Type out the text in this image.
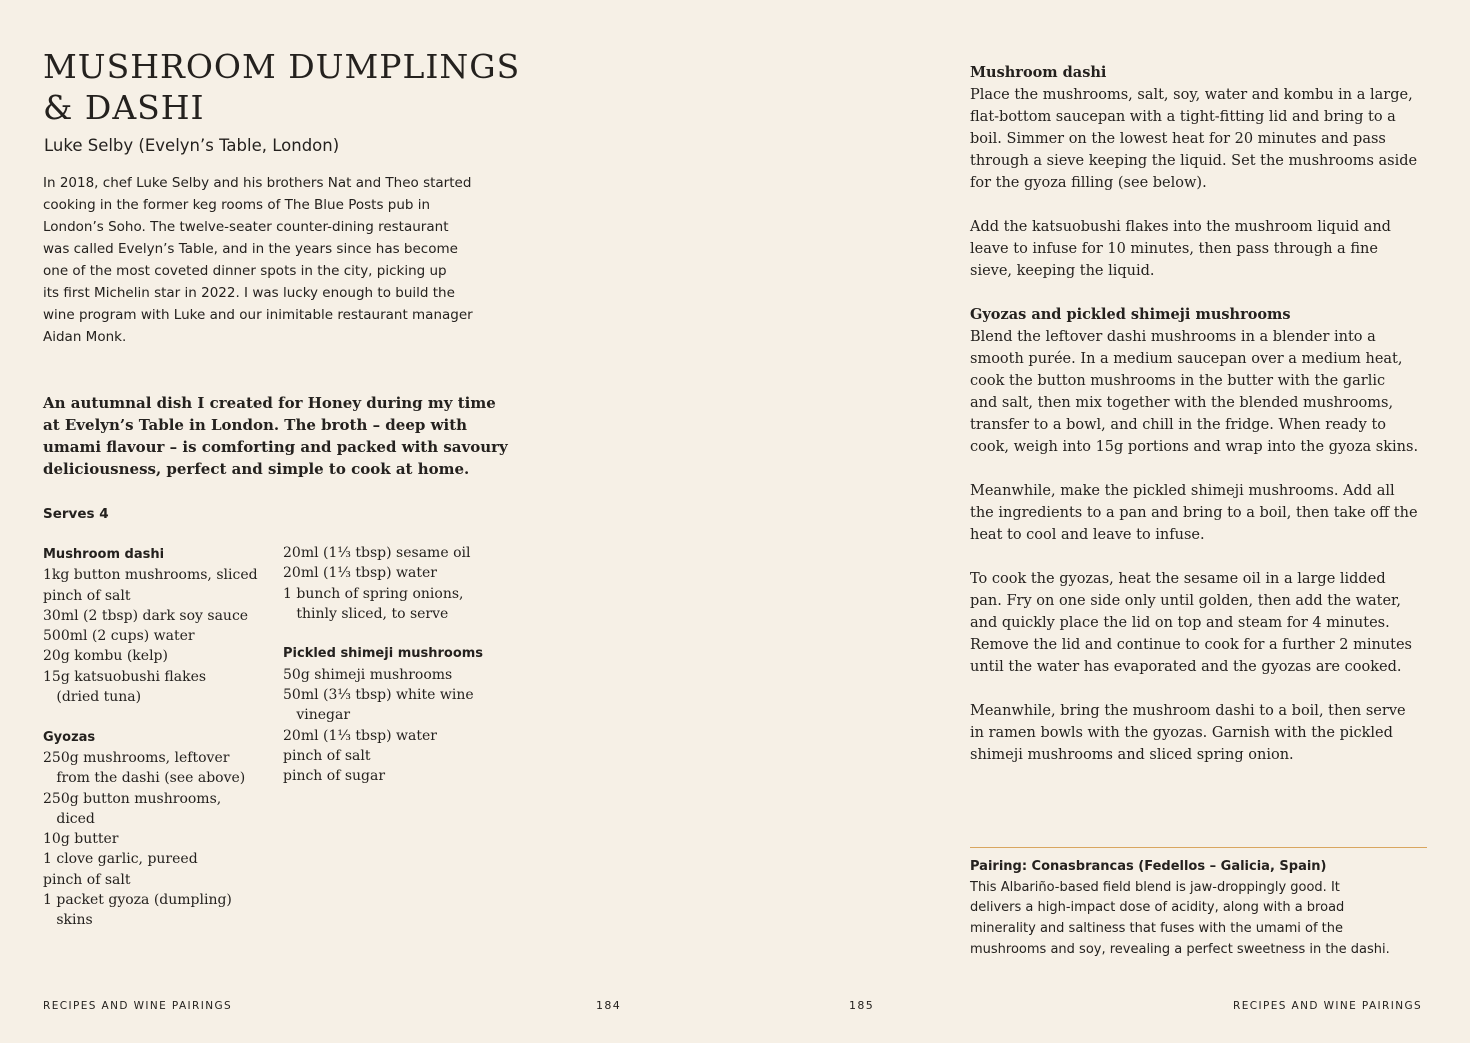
MUSHROOM DUMPLINGS
& DASHI

Luke Selby (Evelyn’s Table, London)

In 2018, chef Luke Selby and his brothers Nat and Theo started
cooking in the former keg rooms of The Blue Posts pub in
London’s Soho. The twelve-seater counter-dining restaurant
was called Evelyn’s Table, and in the years since has become
one of the most coveted dinner spots in the city, picking up
its first Michelin star in 2022. I was lucky enough to build the
wine program with Luke and our inimitable restaurant manager
Aidan Monk.
An autumnal dish I created for Honey during my time
at Evelyn’s Table in London. The broth – deep with
umami flavour – is comforting and packed with savoury
deliciousness, perfect and simple to cook at home.
Serves 4
Mushroom dashi
1kg button mushrooms, sliced
pinch of salt
30ml (2 tbsp) dark soy sauce
500ml (2 cups) water
20g kombu (kelp)
15g katsuobushi flakes
(dried tuna)
Gyozas
250g mushrooms, leftover
from the dashi (see above)
250g button mushrooms,
diced
10g butter
1 clove garlic, pureed
pinch of salt
1 packet gyoza (dumpling)
skins
20ml (1⅓ tbsp) sesame oil
20ml (1⅓ tbsp) water
1 bunch of spring onions,
thinly sliced, to serve
Pickled shimeji mushrooms
50g shimeji mushrooms
50ml (3⅓ tbsp) white wine
vinegar
20ml (1⅓ tbsp) water
pinch of salt
pinch of sugar
RECIPES AND WINE PAIRINGS	184
Mushroom dashi
Place the mushrooms, salt, soy, water and kombu in a large,
flat-bottom saucepan with a tight-fitting lid and bring to a
boil. Simmer on the lowest heat for 20 minutes and pass
through a sieve keeping the liquid. Set the mushrooms aside
for the gyoza filling (see below).
Add the katsuobushi flakes into the mushroom liquid and
leave to infuse for 10 minutes, then pass through a fine
sieve, keeping the liquid.
Gyozas and pickled shimeji mushrooms
Blend the leftover dashi mushrooms in a blender into a
smooth purée. In a medium saucepan over a medium heat,
cook the button mushrooms in the butter with the garlic
and salt, then mix together with the blended mushrooms,
transfer to a bowl, and chill in the fridge. When ready to
cook, weigh into 15g portions and wrap into the gyoza skins.
Meanwhile, make the pickled shimeji mushrooms. Add all
the ingredients to a pan and bring to a boil, then take off the
heat to cool and leave to infuse.
To cook the gyozas, heat the sesame oil in a large lidded
pan. Fry on one side only until golden, then add the water,
and quickly place the lid on top and steam for 4 minutes.
Remove the lid and continue to cook for a further 2 minutes
until the water has evaporated and the gyozas are cooked.
Meanwhile, bring the mushroom dashi to a boil, then serve
in ramen bowls with the gyozas. Garnish with the pickled
shimeji mushrooms and sliced spring onion.
Pairing: Conasbrancas (Fedellos – Galicia, Spain)
This Albariño-based field blend is jaw-droppingly good. It
delivers a high-impact dose of acidity, along with a broad
minerality and saltiness that fuses with the umami of the
mushrooms and soy, revealing a perfect sweetness in the dashi.
185	RECIPES AND WINE PAIRINGS
